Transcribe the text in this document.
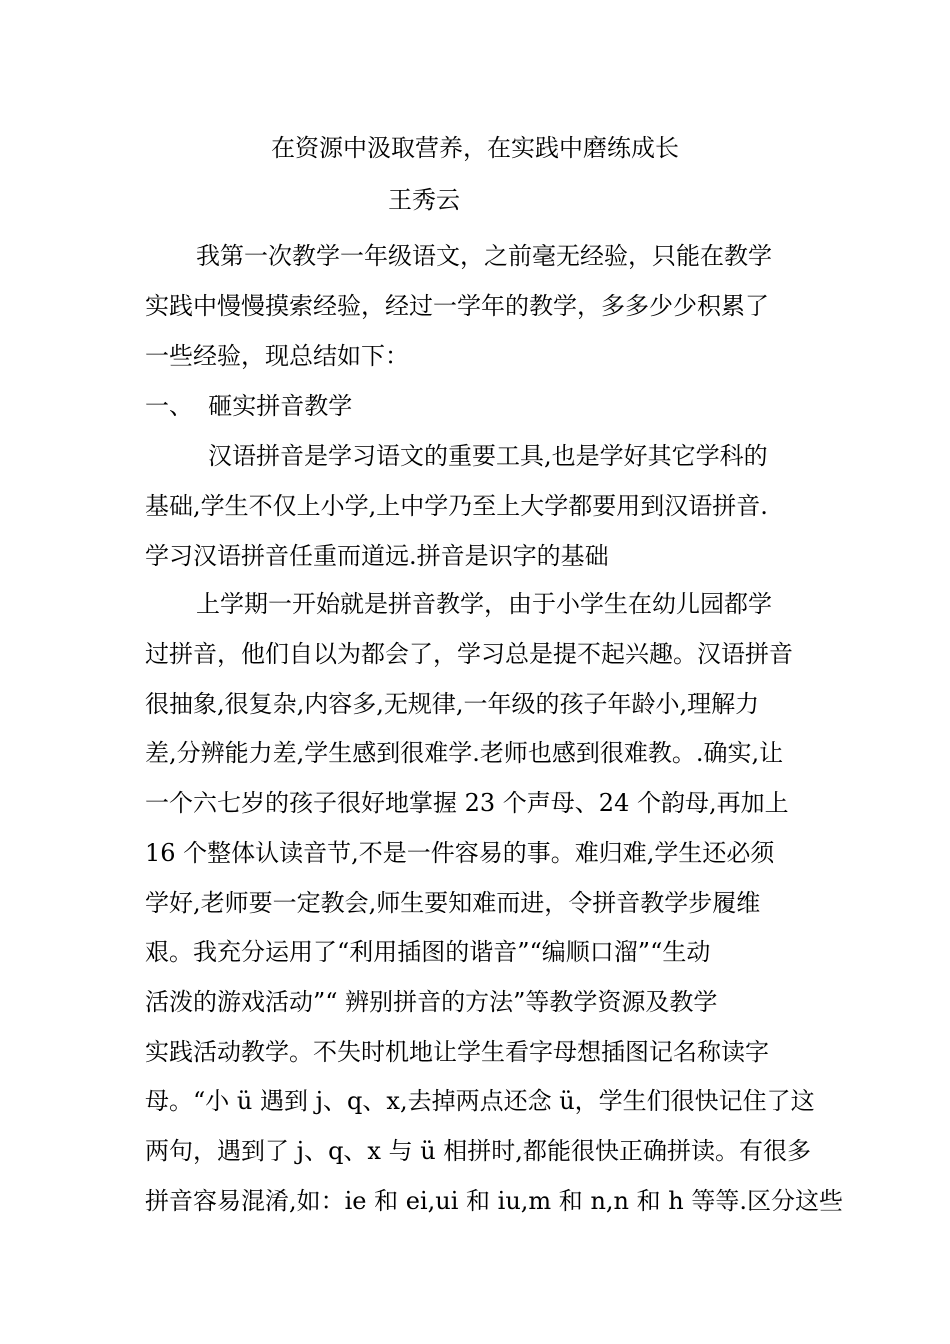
在资源中汲取营养，在实践中磨练成长
王秀云
我第一次教学一年级语文，之前毫无经验，只能在教学
实践中慢慢摸索经验，经过一学年的教学，多多少少积累了
一些经验，现总结如下：
一、  砸实拼音教学
汉语拼音是学习语文的重要工具,也是学好其它学科的
基础,学生不仅上小学,上中学乃至上大学都要用到汉语拼音.
学习汉语拼音任重而道远.拼音是识字的基础
上学期一开始就是拼音教学，由于小学生在幼儿园都学
过拼音，他们自以为都会了，学习总是提不起兴趣。汉语拼音
很抽象,很复杂,内容多,无规律,一年级的孩子年龄小,理解力
差,分辨能力差,学生感到很难学.老师也感到很难教。.确实,让
一个六七岁的孩子很好地掌握 23 个声母、24 个韵母,再加上
16 个整体认读音节,不是一件容易的事。难归难,学生还必须
学好,老师要一定教会,师生要知难而进，令拼音教学步履维
艰。我充分运用了“利用插图的谐音”“编顺口溜”“生动
活泼的游戏活动”“ 辨别拼音的方法”等教学资源及教学
实践活动教学。不失时机地让学生看字母想插图记名称读字
母。“小 ü 遇到 j、q、x,去掉两点还念 ü，学生们很快记住了这
两句，遇到了 j、q、x 与 ü 相拼时,都能很快正确拼读。有很多
拼音容易混淆,如：ie 和 ei,ui 和 iu,m 和 n,n 和 h 等等.区分这些
